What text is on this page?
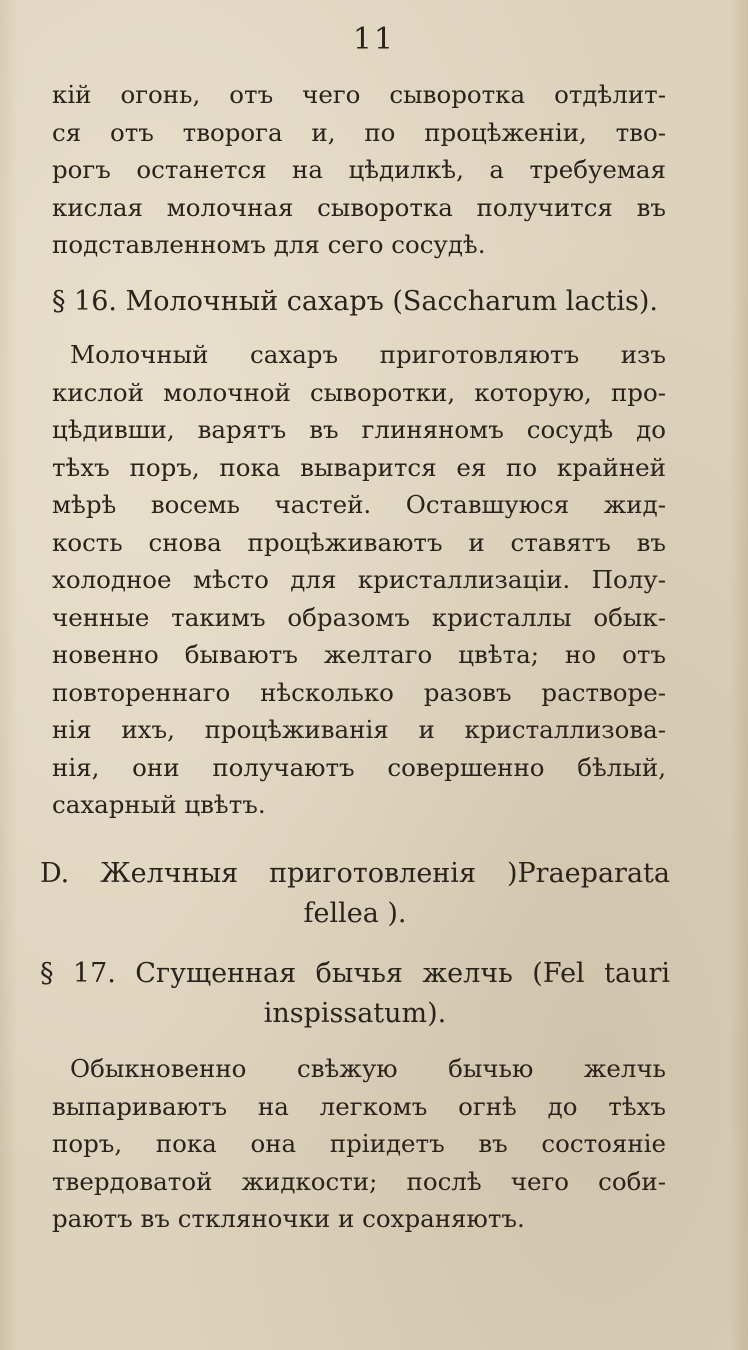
11
кій огонь, отъ чего сыворотка отдѣлит-
ся отъ творога и, по процѣженіи, тво-
рогъ останется на цѣдилкѣ, а требуемая
кислая молочная сыворотка получится въ
подставленномъ для сего сосудѣ.
§ 16. Молочный сахаръ (Saccharum lactis).
Молочный сахаръ приготовляютъ изъ
кислой молочной сыворотки, которую, про-
цѣдивши, варятъ въ глиняномъ сосудѣ до
тѣхъ поръ, пока выварится ея по крайней
мѣрѣ восемь частей. Оставшуюся жид-
кость снова процѣживаютъ и ставятъ въ
холодное мѣсто для кристаллизаціи. Полу-
ченные такимъ образомъ кристаллы обык-
новенно бываютъ желтаго цвѣта; но отъ
повтореннаго нѣсколько разовъ растворе-
нія ихъ, процѣживанія и кристаллизова-
нія, они получаютъ совершенно бѣлый,
сахарный цвѣтъ.
D. Желчныя приготовленія )Praeparata
fellea ).
§ 17. Сгущенная бычья желчь (Fel tauri
inspissatum).
Обыкновенно свѣжую бычью желчь
выпариваютъ на легкомъ огнѣ до тѣхъ
поръ, пока она пріидетъ въ состояніе
твердоватой жидкости; послѣ чего соби-
раютъ въ сткляночки и сохраняютъ.
